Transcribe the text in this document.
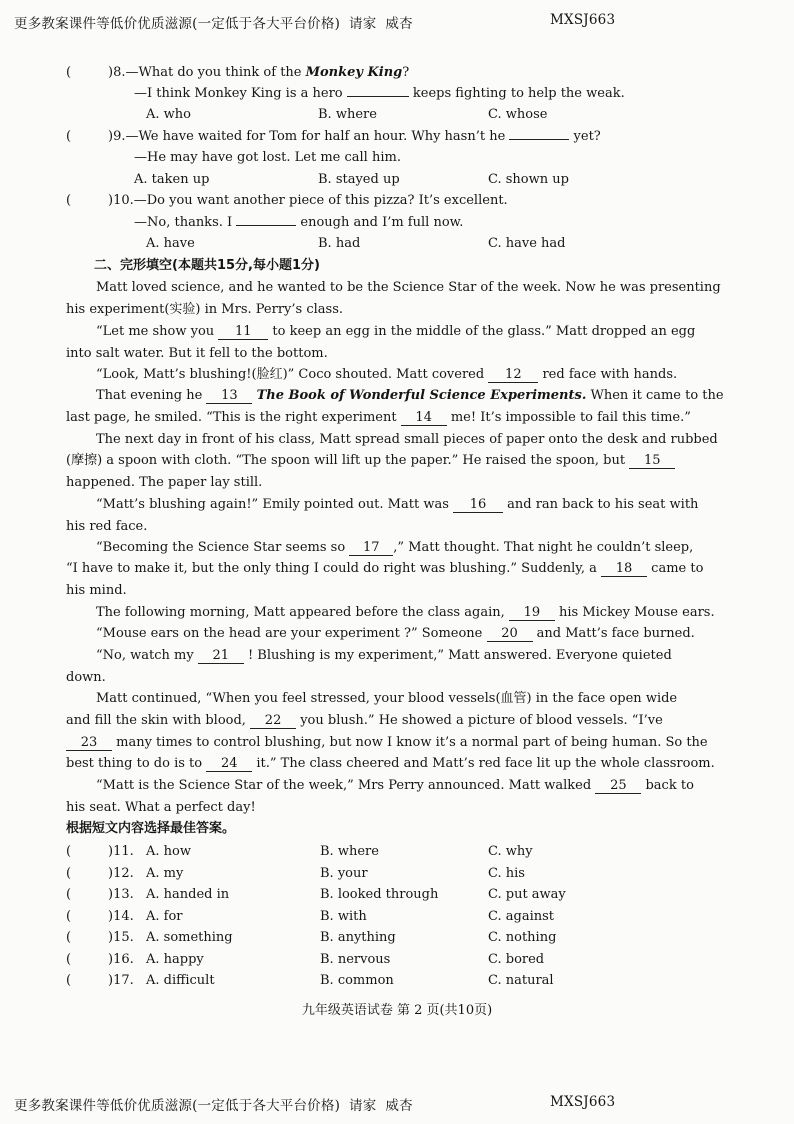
更多教案课件等低价优质滋源(一定低于各大平台价格)  请家  威杏	MXSJ663
(	)8.—What do you think of the Monkey King?
—I think Monkey King is a hero	keeps fighting to help the weak.
A. who	B. where	C. whose
(	)9.—We have waited for Tom for half an hour. Why hasn’t he	yet?
—He may have got lost. Let me call him.
A. taken up	B. stayed up	C. shown up
(	)10.—Do you want another piece of this pizza? It’s excellent.
—No, thanks. I	enough and I’m full now.
A. have	B. had	C. have had
二、完形填空(本题共15分,每小题1分)
Matt loved science, and he wanted to be the Science Star of the week. Now he was presenting
his experiment(实验) in Mrs. Perry’s class.
“Let me show you 11 to keep an egg in the middle of the glass.” Matt dropped an egg
into salt water. But it fell to the bottom.
“Look, Matt’s blushing!(脸红)” Coco shouted. Matt covered 12 red face with hands.
That evening he 13 The Book of Wonderful Science Experiments. When it came to the
last page, he smiled. “This is the right experiment 14 me! It’s impossible to fail this time.”
The next day in front of his class, Matt spread small pieces of paper onto the desk and rubbed
(摩擦) a spoon with cloth. “The spoon will lift up the paper.” He raised the spoon, but 15
happened. The paper lay still.
“Matt’s blushing again!” Emily pointed out. Matt was 16 and ran back to his seat with
his red face.
“Becoming the Science Star seems so 17 ,” Matt thought. That night he couldn’t sleep,
“I have to make it, but the only thing I could do right was blushing.” Suddenly, a 18 came to
his mind.
The following morning, Matt appeared before the class again, 19 his Mickey Mouse ears.
“Mouse ears on the head are your experiment ?” Someone 20 and Matt’s face burned.
“No, watch my 21 ! Blushing is my experiment,” Matt answered. Everyone quieted
down.
Matt continued, “When you feel stressed, your blood vessels(血管) in the face open wide
and fill the skin with blood, 22 you blush.” He showed a picture of blood vessels. “I’ve
23 many times to control blushing, but now I know it’s a normal part of being human. So the
best thing to do is to 24 it.” The class cheered and Matt’s red face lit up the whole classroom.
“Matt is the Science Star of the week,” Mrs Perry announced. Matt walked 25 back to
his seat. What a perfect day!
根据短文内容选择最佳答案。
(	)11. A. how	B. where	C. why
(	)12. A. my	B. your	C. his
(	)13. A. handed in	B. looked through	C. put away
(	)14. A. for	B. with	C. against
(	)15. A. something	B. anything	C. nothing
(	)16. A. happy	B. nervous	C. bored
(	)17. A. difficult	B. common	C. natural
九年级英语试卷 第 2 页(共10页)
更多教案课件等低价优质滋源(一定低于各大平台价格)  请家  威杏	MXSJ663
